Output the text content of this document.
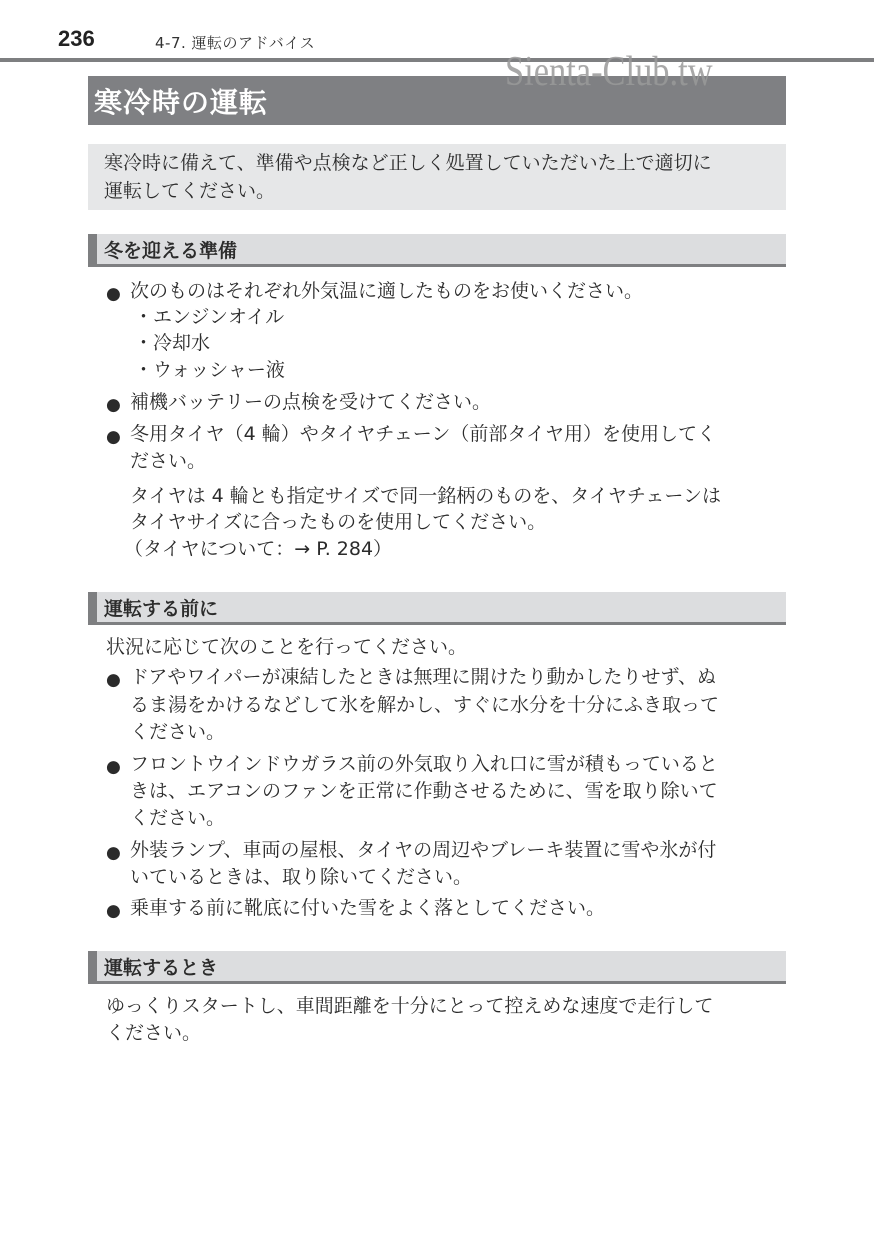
236	4-7. 運転のアドバイス
寒冷時の運転
Sienta-Club.tw
寒冷時に備えて、準備や点検など正しく処置していただいた上で適切に
運転してください。
冬を迎える準備
● 次のものはそれぞれ外気温に適したものをお使いください。
・エンジンオイル
・冷却水
・ウォッシャー液
● 補機バッテリーの点検を受けてください。
● 冬用タイヤ（4 輪）やタイヤチェーン（前部タイヤ用）を使用してく
ださい。
タイヤは 4 輪とも指定サイズで同一銘柄のものを、タイヤチェーンは
タイヤサイズに合ったものを使用してください。
（タイヤについて：→ P. 284）
運転する前に
状況に応じて次のことを行ってください。
● ドアやワイパーが凍結したときは無理に開けたり動かしたりせず、ぬ
るま湯をかけるなどして氷を解かし、すぐに水分を十分にふき取って
ください。
● フロントウインドウガラス前の外気取り入れ口に雪が積もっていると
きは、エアコンのファンを正常に作動させるために、雪を取り除いて
ください。
● 外装ランプ、車両の屋根、タイヤの周辺やブレーキ装置に雪や氷が付
いているときは、取り除いてください。
● 乗車する前に靴底に付いた雪をよく落としてください。
運転するとき
ゆっくりスタートし、車間距離を十分にとって控えめな速度で走行して
ください。
